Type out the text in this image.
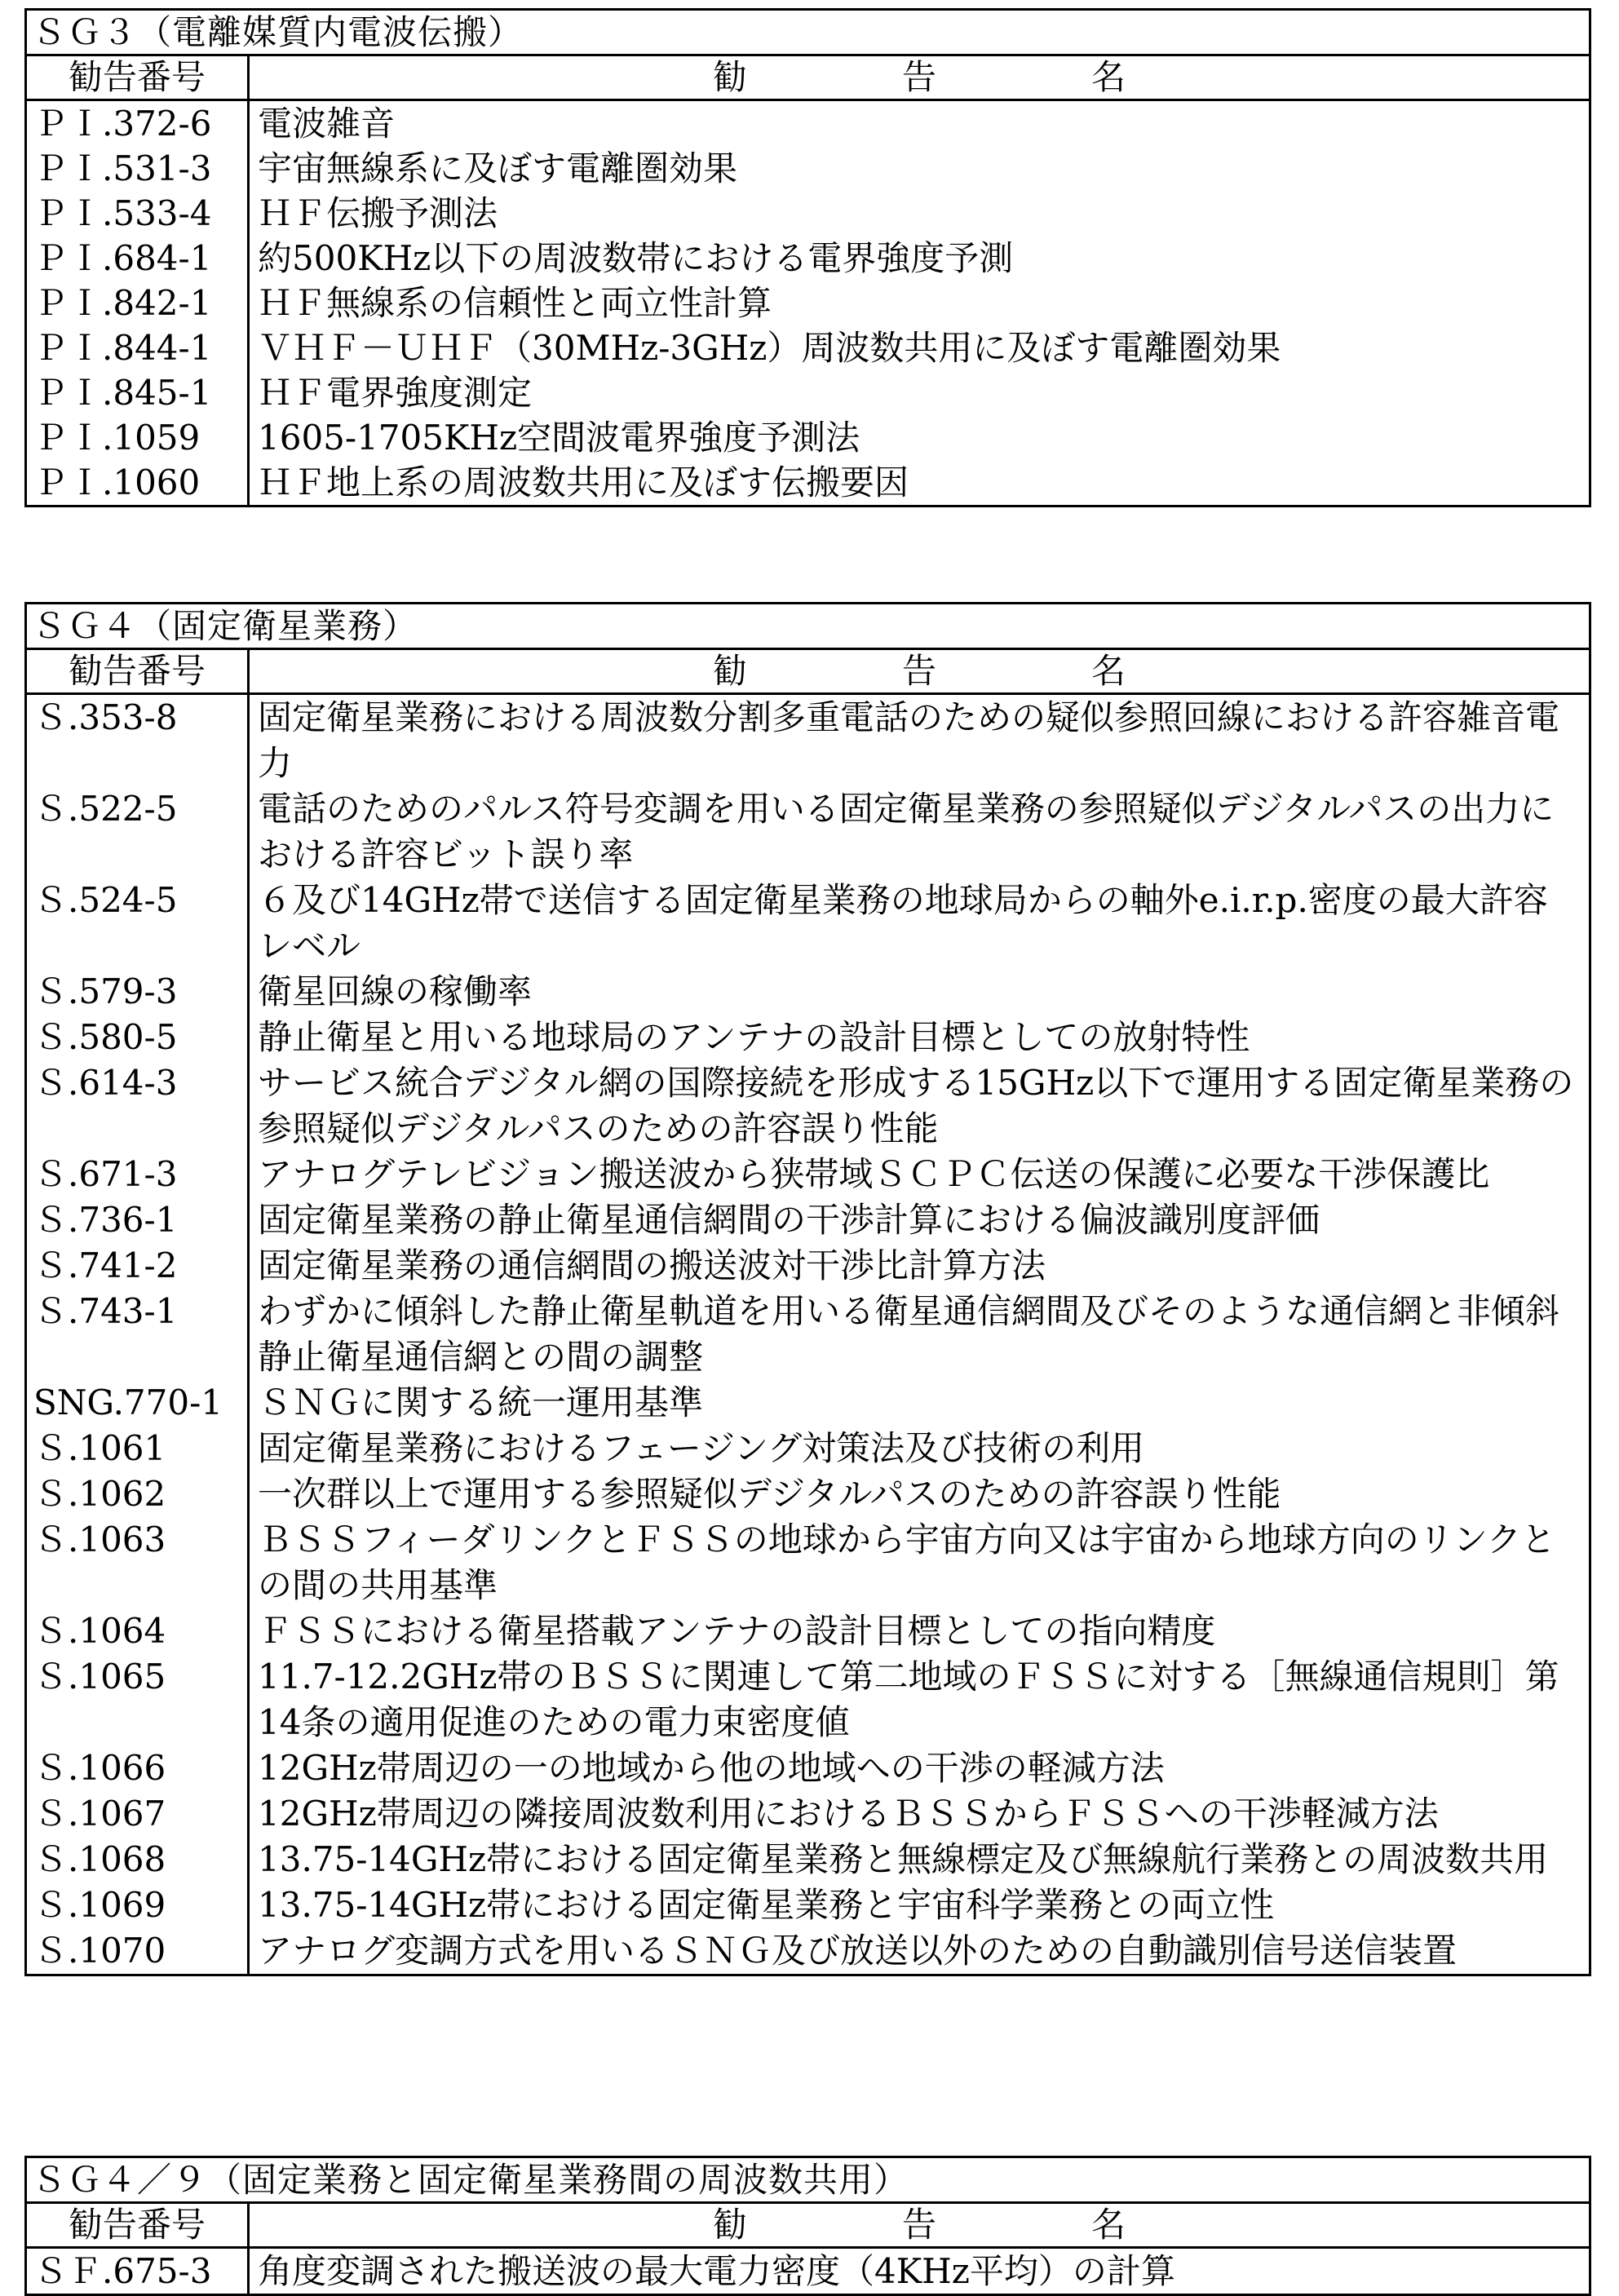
ＳＧ３（電離媒質内電波伝搬）
勧告番号	勧告名
ＰＩ.372-6	電波雑音
ＰＩ.531-3	宇宙無線系に及ぼす電離圏効果
ＰＩ.533-4	ＨＦ伝搬予測法
ＰＩ.684-1	約500KHz以下の周波数帯における電界強度予測
ＰＩ.842-1	ＨＦ無線系の信頼性と両立性計算
ＰＩ.844-1	ＶＨＦ－ＵＨＦ（30MHz-3GHz）周波数共用に及ぼす電離圏効果
ＰＩ.845-1	ＨＦ電界強度測定
ＰＩ.1059	1605-1705KHz空間波電界強度予測法
ＰＩ.1060	ＨＦ地上系の周波数共用に及ぼす伝搬要因
ＳＧ４（固定衛星業務）
勧告番号	勧告名
Ｓ.353-8	固定衛星業務における周波数分割多重電話のための疑似参照回線における許容雑音電力
Ｓ.522-5	電話のためのパルス符号変調を用いる固定衛星業務の参照疑似デジタルパスの出力における許容ビット誤り率
Ｓ.524-5	６及び14GHz帯で送信する固定衛星業務の地球局からの軸外e.i.r.p.密度の最大許容レベル
Ｓ.579-3	衛星回線の稼働率
Ｓ.580-5	静止衛星と用いる地球局のアンテナの設計目標としての放射特性
Ｓ.614-3	サービス統合デジタル網の国際接続を形成する15GHz以下で運用する固定衛星業務の参照疑似デジタルパスのための許容誤り性能
Ｓ.671-3	アナログテレビジョン搬送波から狭帯域ＳＣＰＣ伝送の保護に必要な干渉保護比
Ｓ.736-1	固定衛星業務の静止衛星通信網間の干渉計算における偏波識別度評価
Ｓ.741-2	固定衛星業務の通信網間の搬送波対干渉比計算方法
Ｓ.743-1	わずかに傾斜した静止衛星軌道を用いる衛星通信網間及びそのような通信網と非傾斜静止衛星通信網との間の調整
SNG.770-1	ＳＮＧに関する統一運用基準
Ｓ.1061	固定衛星業務におけるフェージング対策法及び技術の利用
Ｓ.1062	一次群以上で運用する参照疑似デジタルパスのための許容誤り性能
Ｓ.1063	ＢＳＳフィーダリンクとＦＳＳの地球から宇宙方向又は宇宙から地球方向のリンクとの間の共用基準
Ｓ.1064	ＦＳＳにおける衛星搭載アンテナの設計目標としての指向精度
Ｓ.1065	11.7-12.2GHz帯のＢＳＳに関連して第二地域のＦＳＳに対する［無線通信規則］第14条の適用促進のための電力束密度値
Ｓ.1066	12GHz帯周辺の一の地域から他の地域への干渉の軽減方法
Ｓ.1067	12GHz帯周辺の隣接周波数利用におけるＢＳＳからＦＳＳへの干渉軽減方法
Ｓ.1068	13.75-14GHz帯における固定衛星業務と無線標定及び無線航行業務との周波数共用
Ｓ.1069	13.75-14GHz帯における固定衛星業務と宇宙科学業務との両立性
Ｓ.1070	アナログ変調方式を用いるＳＮＧ及び放送以外のための自動識別信号送信装置
ＳＧ４／９（固定業務と固定衛星業務間の周波数共用）
勧告番号	勧告名
ＳＦ.675-3	角度変調された搬送波の最大電力密度（4KHz平均）の計算
